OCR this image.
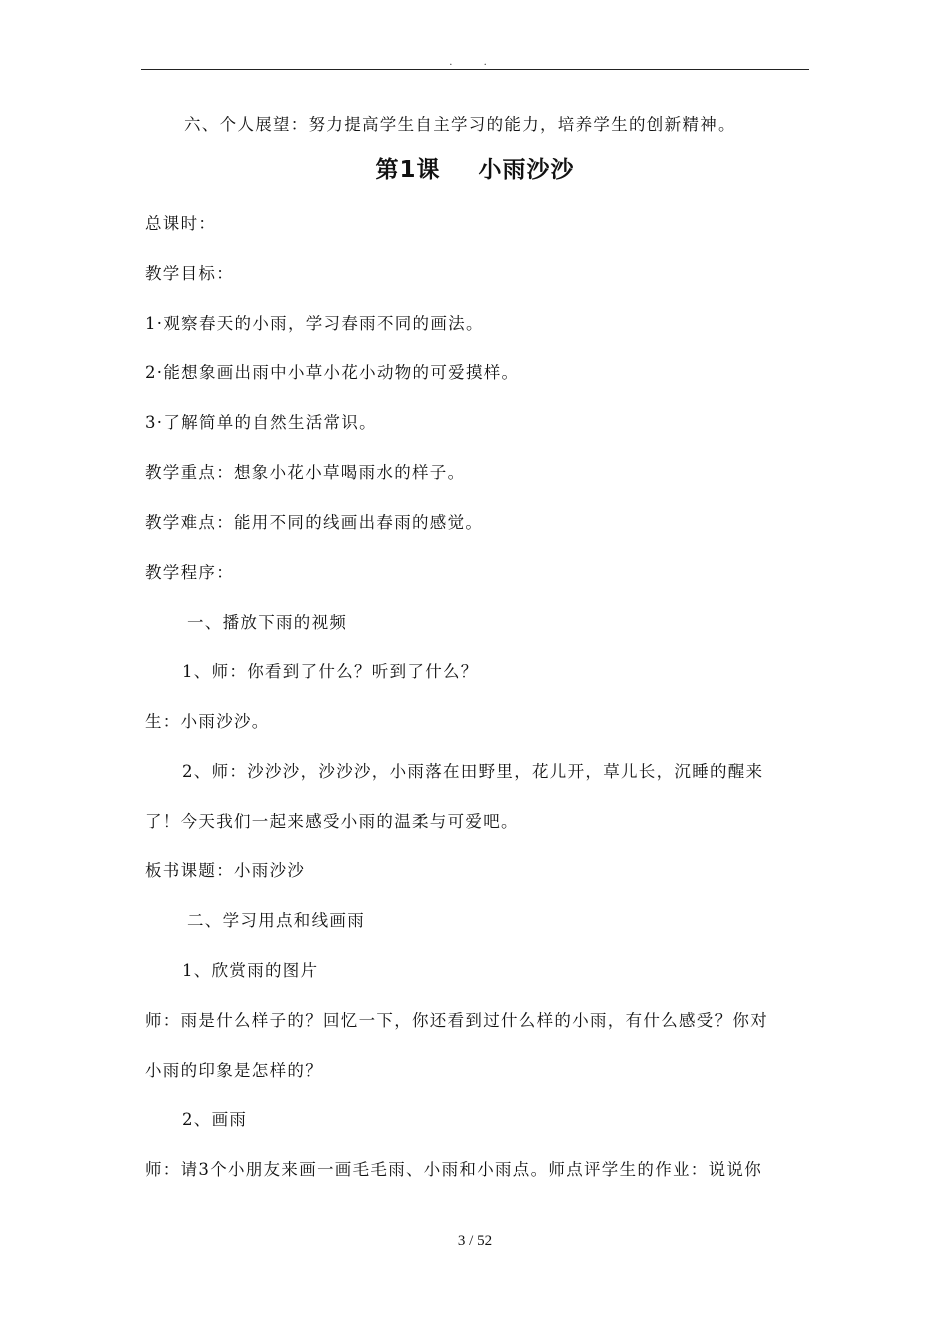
. .
六、个人展望：努力提高学生自主学习的能力，培养学生的创新精神。
第1课 小雨沙沙
总课时：
教学目标：
1·观察春天的小雨，学习春雨不同的画法。
2·能想象画出雨中小草小花小动物的可爱摸样。
3·了解简单的自然生活常识。
教学重点：想象小花小草喝雨水的样子。
教学难点：能用不同的线画出春雨的感觉。
教学程序：
一、播放下雨的视频
1、师：你看到了什么？听到了什么？
生：小雨沙沙。
2、师：沙沙沙，沙沙沙，小雨落在田野里，花儿开，草儿长，沉睡的醒来
了！今天我们一起来感受小雨的温柔与可爱吧。
板书课题：小雨沙沙
二、学习用点和线画雨
1、欣赏雨的图片
师：雨是什么样子的？回忆一下，你还看到过什么样的小雨，有什么感受？你对
小雨的印象是怎样的？
2、画雨
师：请3个小朋友来画一画毛毛雨、小雨和小雨点。师点评学生的作业：说说你
3 / 52
